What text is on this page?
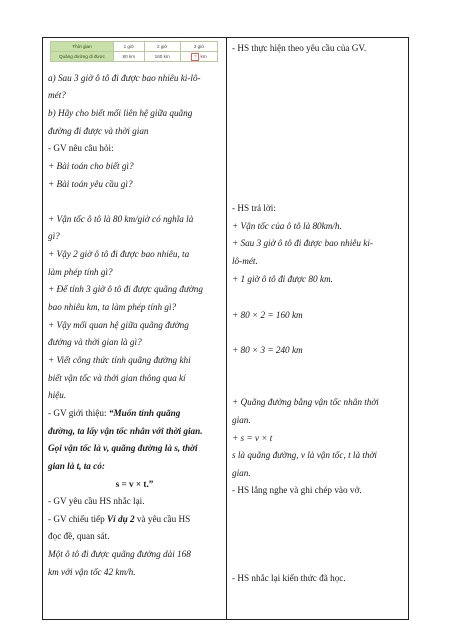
Thời gian	1 giờ	2 giờ	3 giờ
Quãng đường đi được	80 km	160 km	? km
a) Sau 3 giờ ô tô đi được bao nhiêu ki-lô-
mét?
b) Hãy cho biết mối liên hệ giữa quãng
đường đi được và thời gian
- GV nêu câu hỏi:
+ Bài toán cho biết gì?
+ Bài toán yêu cầu gì?
+ Vận tốc ô tô là 80 km/giờ có nghĩa là
gì?
+ Vậy 2 giờ ô tô đi được bao nhiêu, ta
làm phép tính gì?
+ Để tính 3 giờ ô tô đi được quãng đường
bao nhiêu km, ta làm phép tính gì?
+ Vậy mối quan hệ giữa quãng đường
đường và thời gian là gì?
+ Viết công thức tính quãng đường khi
biết vận tốc và thời gian thông qua kí
hiệu.
- GV giới thiệu: “Muốn tính quãng
đường, ta lấy vận tốc nhân với thời gian.
Gọi vận tốc là v, quãng đường là s, thời
gian là t, ta có:
s = v × t.”
- GV yêu cầu HS nhắc lại.
- GV chiếu tiếp Ví dụ 2 và yêu cầu HS
đọc đề, quan sát.
Một ô tô đi được quãng đường dài 168
km với vận tốc 42 km/h.
- HS thực hiện theo yêu cầu của GV.
- HS trả lời:
+ Vận tốc của ô tô là 80km/h.
+ Sau 3 giờ ô tô đi được bao nhiêu ki-
lô-mét.
+ 1 giờ ô tô đi được 80 km.
+ 80 × 2 = 160 km
+ 80 × 3 = 240 km
+ Quãng đường bằng vận tốc nhân thời
gian.
+ s = v × t
s là quãng đường, v là vận tốc, t là thời
gian.
- HS lắng nghe và ghi chép vào vở.
- HS nhắc lại kiến thức đã học.
